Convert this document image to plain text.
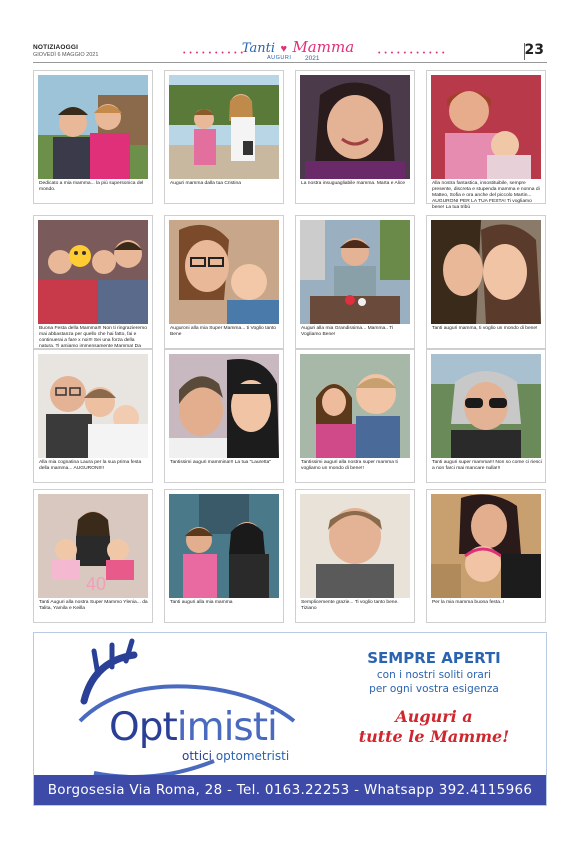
NOTIZIAOGGI
GIOVEDÌ 6 MAGGIO 2021	Tanti ♥ Mamma
AUGURI 2021
• • • • • • • • • •	• • • • • • • • • • •	23
Dedicato a mia mamma... la più supersonica del mondo.
Auguri mamma dalla tua Cristina	La nostra insuguagliabile mamma. Marta e Alice	Alla nostra fantastica, insostituibile, sempre presente, discreta e stupenda mamma e nonna di Matteo, Sofia e ora anche del piccolo Martin... AUGURONI PER LA TUA FESTA! Ti vogliamo bene! La tua tribù
Buona Festa della Mamma!!! Non ti ringrazieremo mai abbastanza per quello che hai fatto, fai e continuerai a fare x noi!!! Sei una forza della natura. Ti amiamo immensamente Mamma! Da
Auguroni alla mia Super Mamma... ti Voglio tanto Bene
Auguri alla mia Grandissima... Mamma.. Ti Vogliamo Bene!
Tanti auguri mamma, ti voglio un mondo di bene!
Alla mia cognatina Laura per la sua prima festa della mamma... AUGURONI!!!
Tantissimi auguri mammina!!! La tua "Lauretta"	Tantissimi auguri alla nostra super mamma ti vogliamo un mondo di bene!!
Tanti auguri super mamma!!! Non so come ci riesci a non farci mai mancare nulla!!!
40
Tanti Auguri alla nostra Super Mammo Ylenia... da Talita, Yamila e Keilla
Tanti auguri alla mia mamma	Semplicemente grazie... Ti voglio tanto bene. Tiziano
Per la mia mamma buona festa..!
Optimisti
ottici optometristi
SEMPRE APERTI
con i nostri soliti orari
per ogni vostra esigenza
Auguri a
tutte le Mamme!
Borgosesia Via Roma, 28 - Tel. 0163.22253 - Whatsapp 392.4115966
